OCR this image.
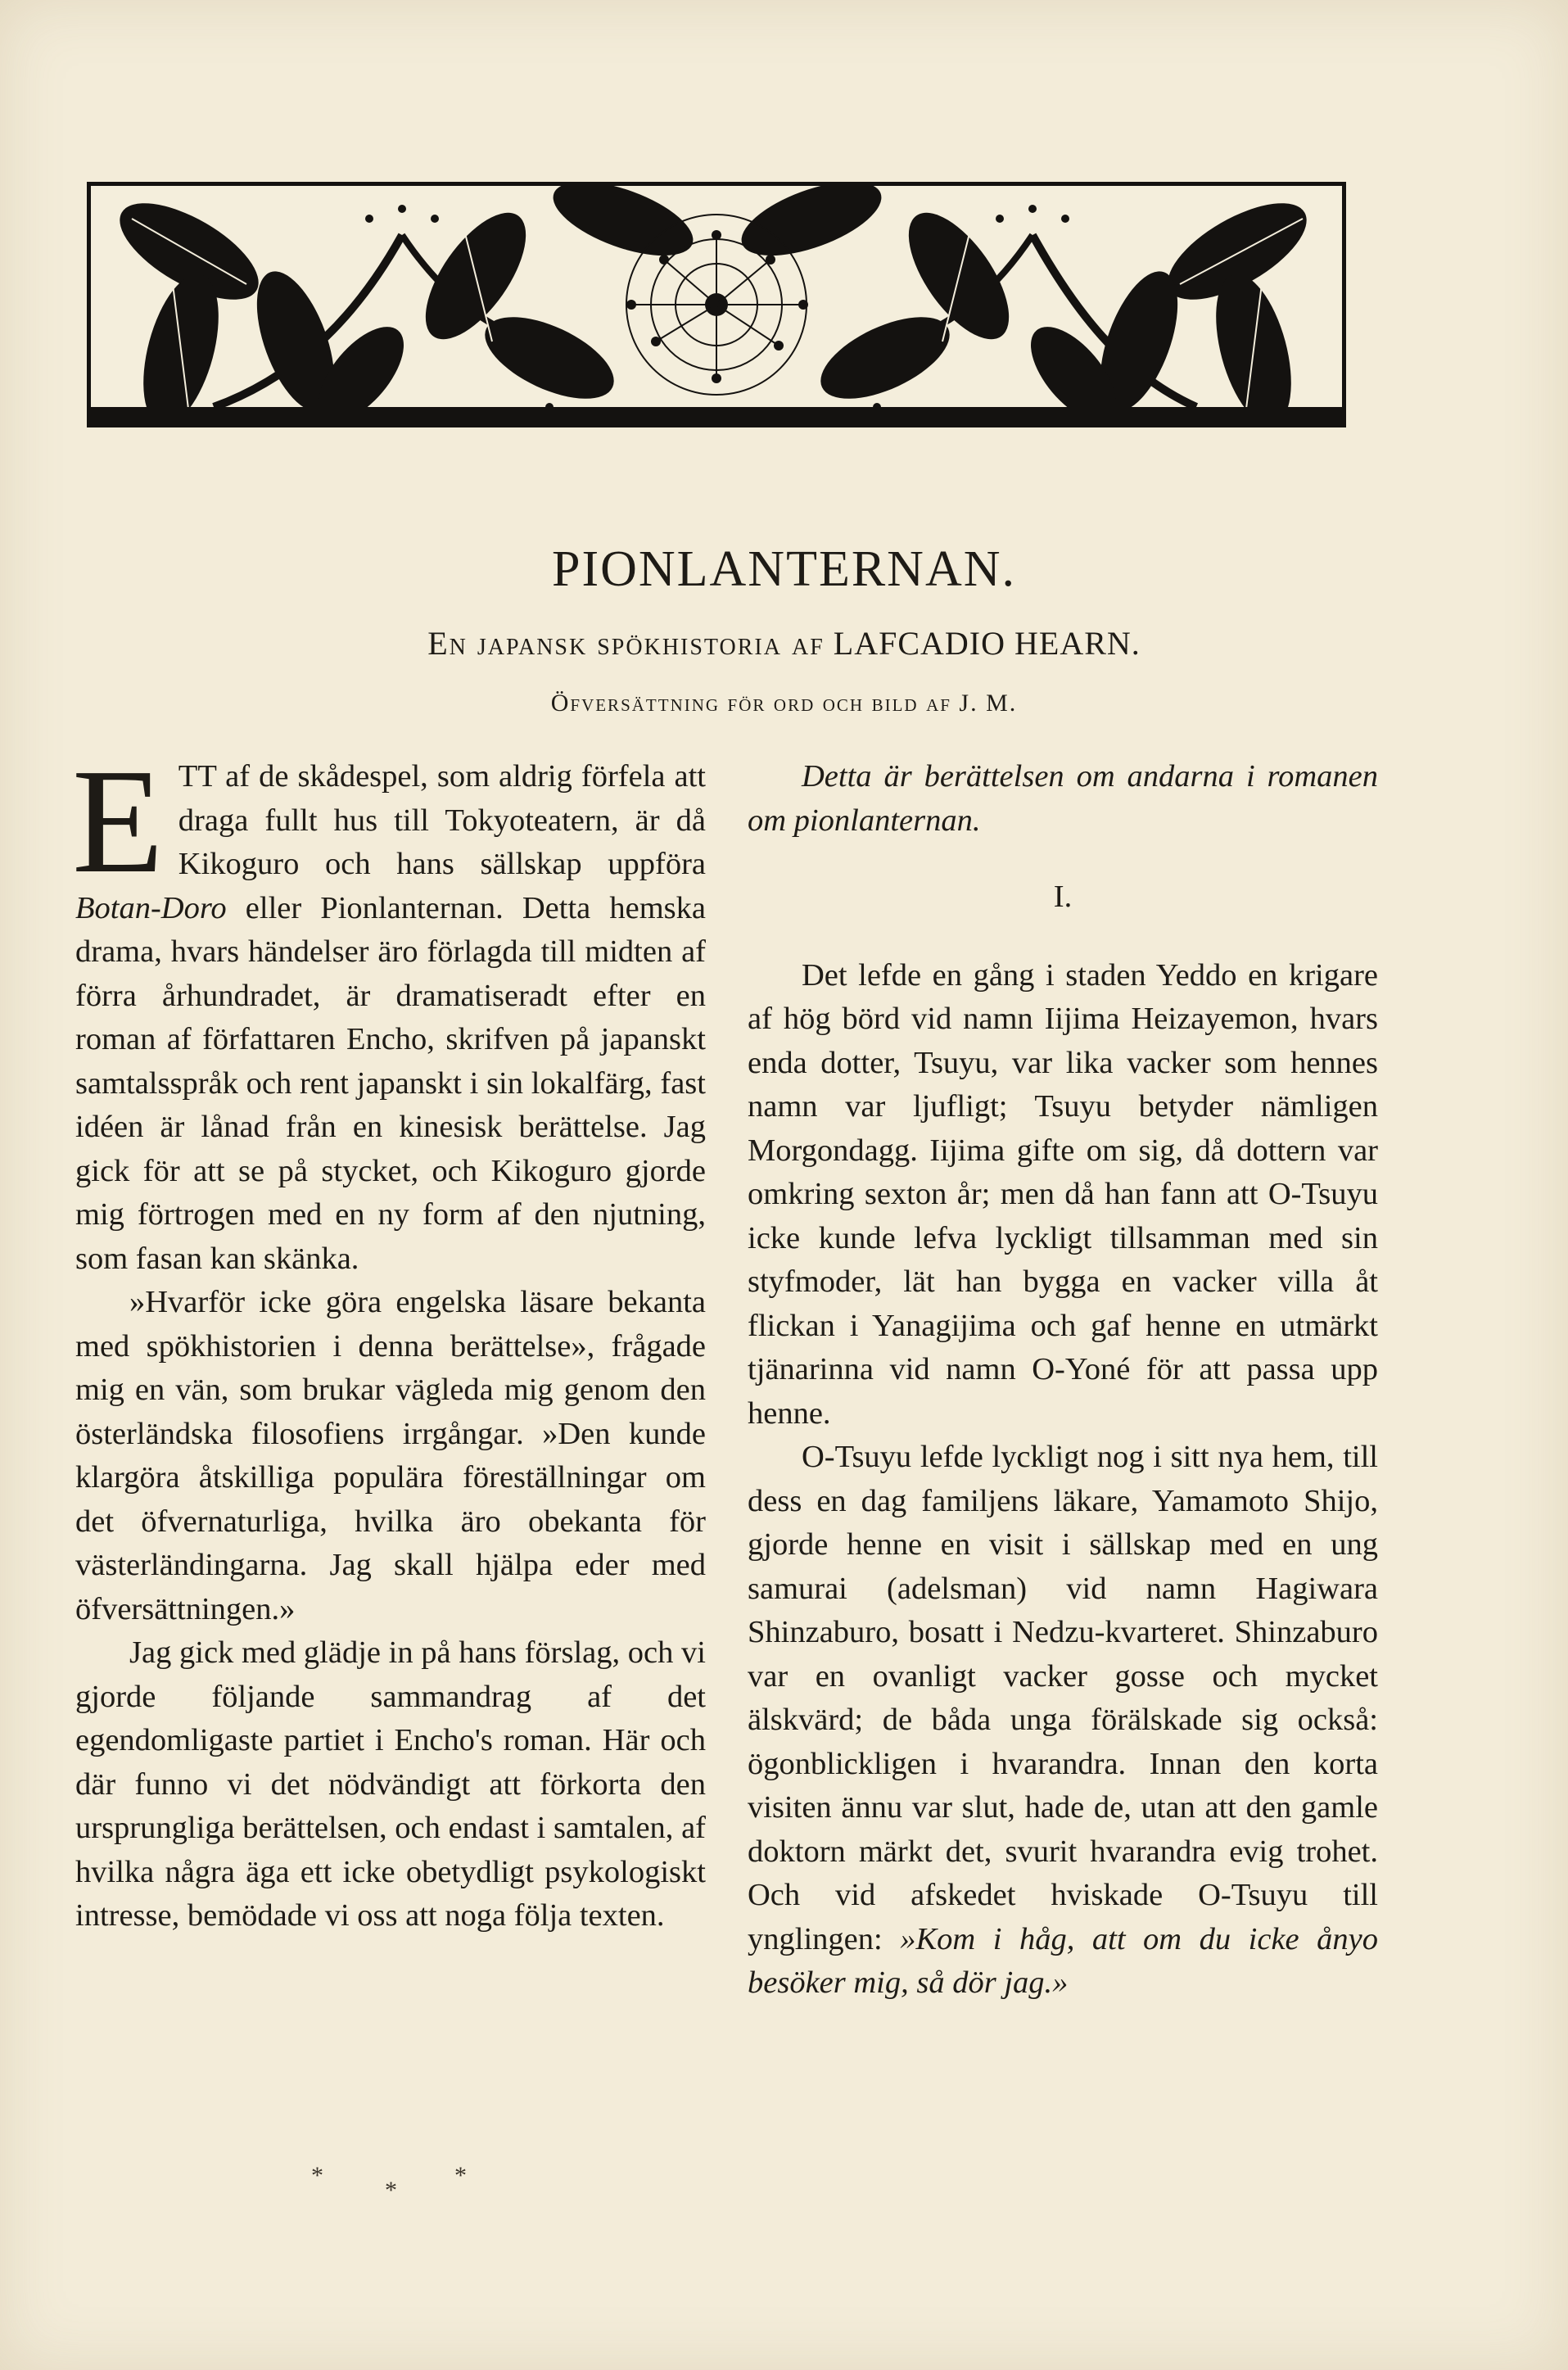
PIONLANTERNAN.
En japansk spökhistoria af LAFCADIO HEARN.
Öfversättning för ord och bild af J. M.

ETT af de skådespel, som aldrig förfela att draga fullt hus till Tokyoteatern, är då Kikoguro och hans sällskap uppföra Botan-Doro eller Pionlanternan. Detta hemska drama, hvars händelser äro förlagda till midten af förra århundradet, är dramatiseradt efter en roman af författaren Encho, skrifven på japanskt samtalsspråk och rent japanskt i sin lokalfärg, fast idéen är lånad från en kinesisk berättelse. Jag gick för att se på stycket, och Kikoguro gjorde mig förtrogen med en ny form af den njutning, som fasan kan skänka.

»Hvarför icke göra engelska läsare bekanta med spökhistorien i denna berättelse», frågade mig en vän, som brukar vägleda mig genom den österländska filosofiens irrgångar. »Den kunde klargöra åtskilliga populära föreställningar om det öfvernaturliga, hvilka äro obekanta för västerländingarna. Jag skall hjälpa eder med öfversättningen.»

Jag gick med glädje in på hans förslag, och vi gjorde följande sammandrag af det egendomligaste partiet i Encho's roman. Här och där funno vi det nödvändigt att förkorta den ursprungliga berättelsen, och endast i samtalen, af hvilka några äga ett icke obetydligt psykologiskt intresse, bemödade vi oss att noga följa texten.

*
*
*

Detta är berättelsen om andarna i romanen om pionlanternan.

I.

Det lefde en gång i staden Yeddo en krigare af hög börd vid namn Iijima Heizayemon, hvars enda dotter, Tsuyu, var lika vacker som hennes namn var ljufligt; Tsuyu betyder nämligen Morgondagg. Iijima gifte om sig, då dottern var omkring sexton år; men då han fann att O-Tsuyu icke kunde lefva lyckligt tillsamman med sin styfmoder, lät han bygga en vacker villa åt flickan i Yanagijima och gaf henne en utmärkt tjänarinna vid namn O-Yoné för att passa upp henne.

O-Tsuyu lefde lyckligt nog i sitt nya hem, till dess en dag familjens läkare, Yamamoto Shijo, gjorde henne en visit i sällskap med en ung samurai (adelsman) vid namn Hagiwara Shinzaburo, bosatt i Nedzu-kvarteret. Shinzaburo var en ovanligt vacker gosse och mycket älskvärd; de båda unga förälskade sig också: ögonblickligen i hvarandra. Innan den korta visiten ännu var slut, hade de, utan att den gamle doktorn märkt det, svurit hvarandra evig trohet. Och vid afskedet hviskade O-Tsuyu till ynglingen: »Kom i håg, att om du icke ånyo besöker mig, så dör jag.»
